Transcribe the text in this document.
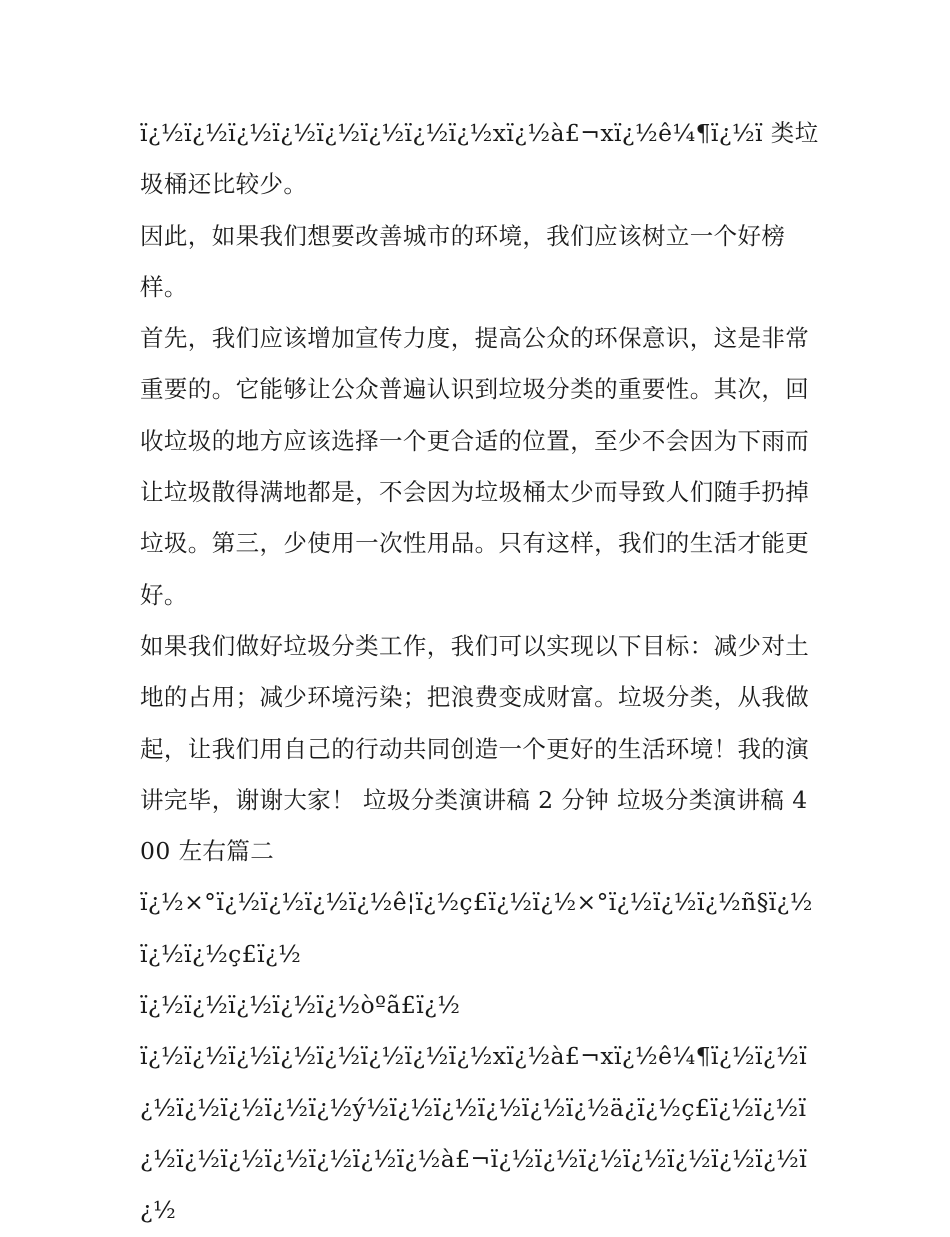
ï¿½ï¿½ï¿½ï¿½ï¿½ï¿½ï¿½ï¿½xï¿½à£¬xï¿½ê¼¶ï¿½ï 类垃圾桶还比较少。

因此，如果我们想要改善城市的环境，我们应该树立一个好榜样。

首先，我们应该增加宣传力度，提高公众的环保意识，这是非常重要的。它能够让公众普遍认识到垃圾分类的重要性。其次，回收垃圾的地方应该选择一个更合适的位置，至少不会因为下雨而让垃圾散得满地都是，不会因为垃圾桶太少而导致人们随手扔掉垃圾。第三，少使用一次性用品。只有这样，我们的生活才能更好。

如果我们做好垃圾分类工作，我们可以实现以下目标：减少对土地的占用；减少环境污染；把浪费变成财富。垃圾分类，从我做起，让我们用自己的行动共同创造一个更好的生活环境！我的演讲完毕，谢谢大家！ 垃圾分类演讲稿 2 分钟 垃圾分类演讲稿 400 左右篇二

ï¿½×°ï¿½ï¿½ï¿½ï¿½ê¦ï¿½ç£ï¿½ï¿½×°ï¿½ï¿½ï¿½ñ§ï¿½ï¿½ï¿½ç£ï¿½

ï¿½ï¿½ï¿½ï¿½ï¿½òºã£ï¿½

ï¿½ï¿½ï¿½ï¿½ï¿½ï¿½ï¿½ï¿½xï¿½à£¬xï¿½ê¼¶ï¿½ï¿½ï¿½ï¿½ï¿½ï¿½ï¿½ý½ï¿½ï¿½ï¿½ï¿½ï¿½ä¿ï¿½ç£ï¿½ï¿½ï¿½ï¿½ï¿½ï¿½ï¿½ï¿½ï¿½à£¬ï¿½ï¿½ï¿½ï¿½ï¿½ï¿½ï¿½ï¿½
